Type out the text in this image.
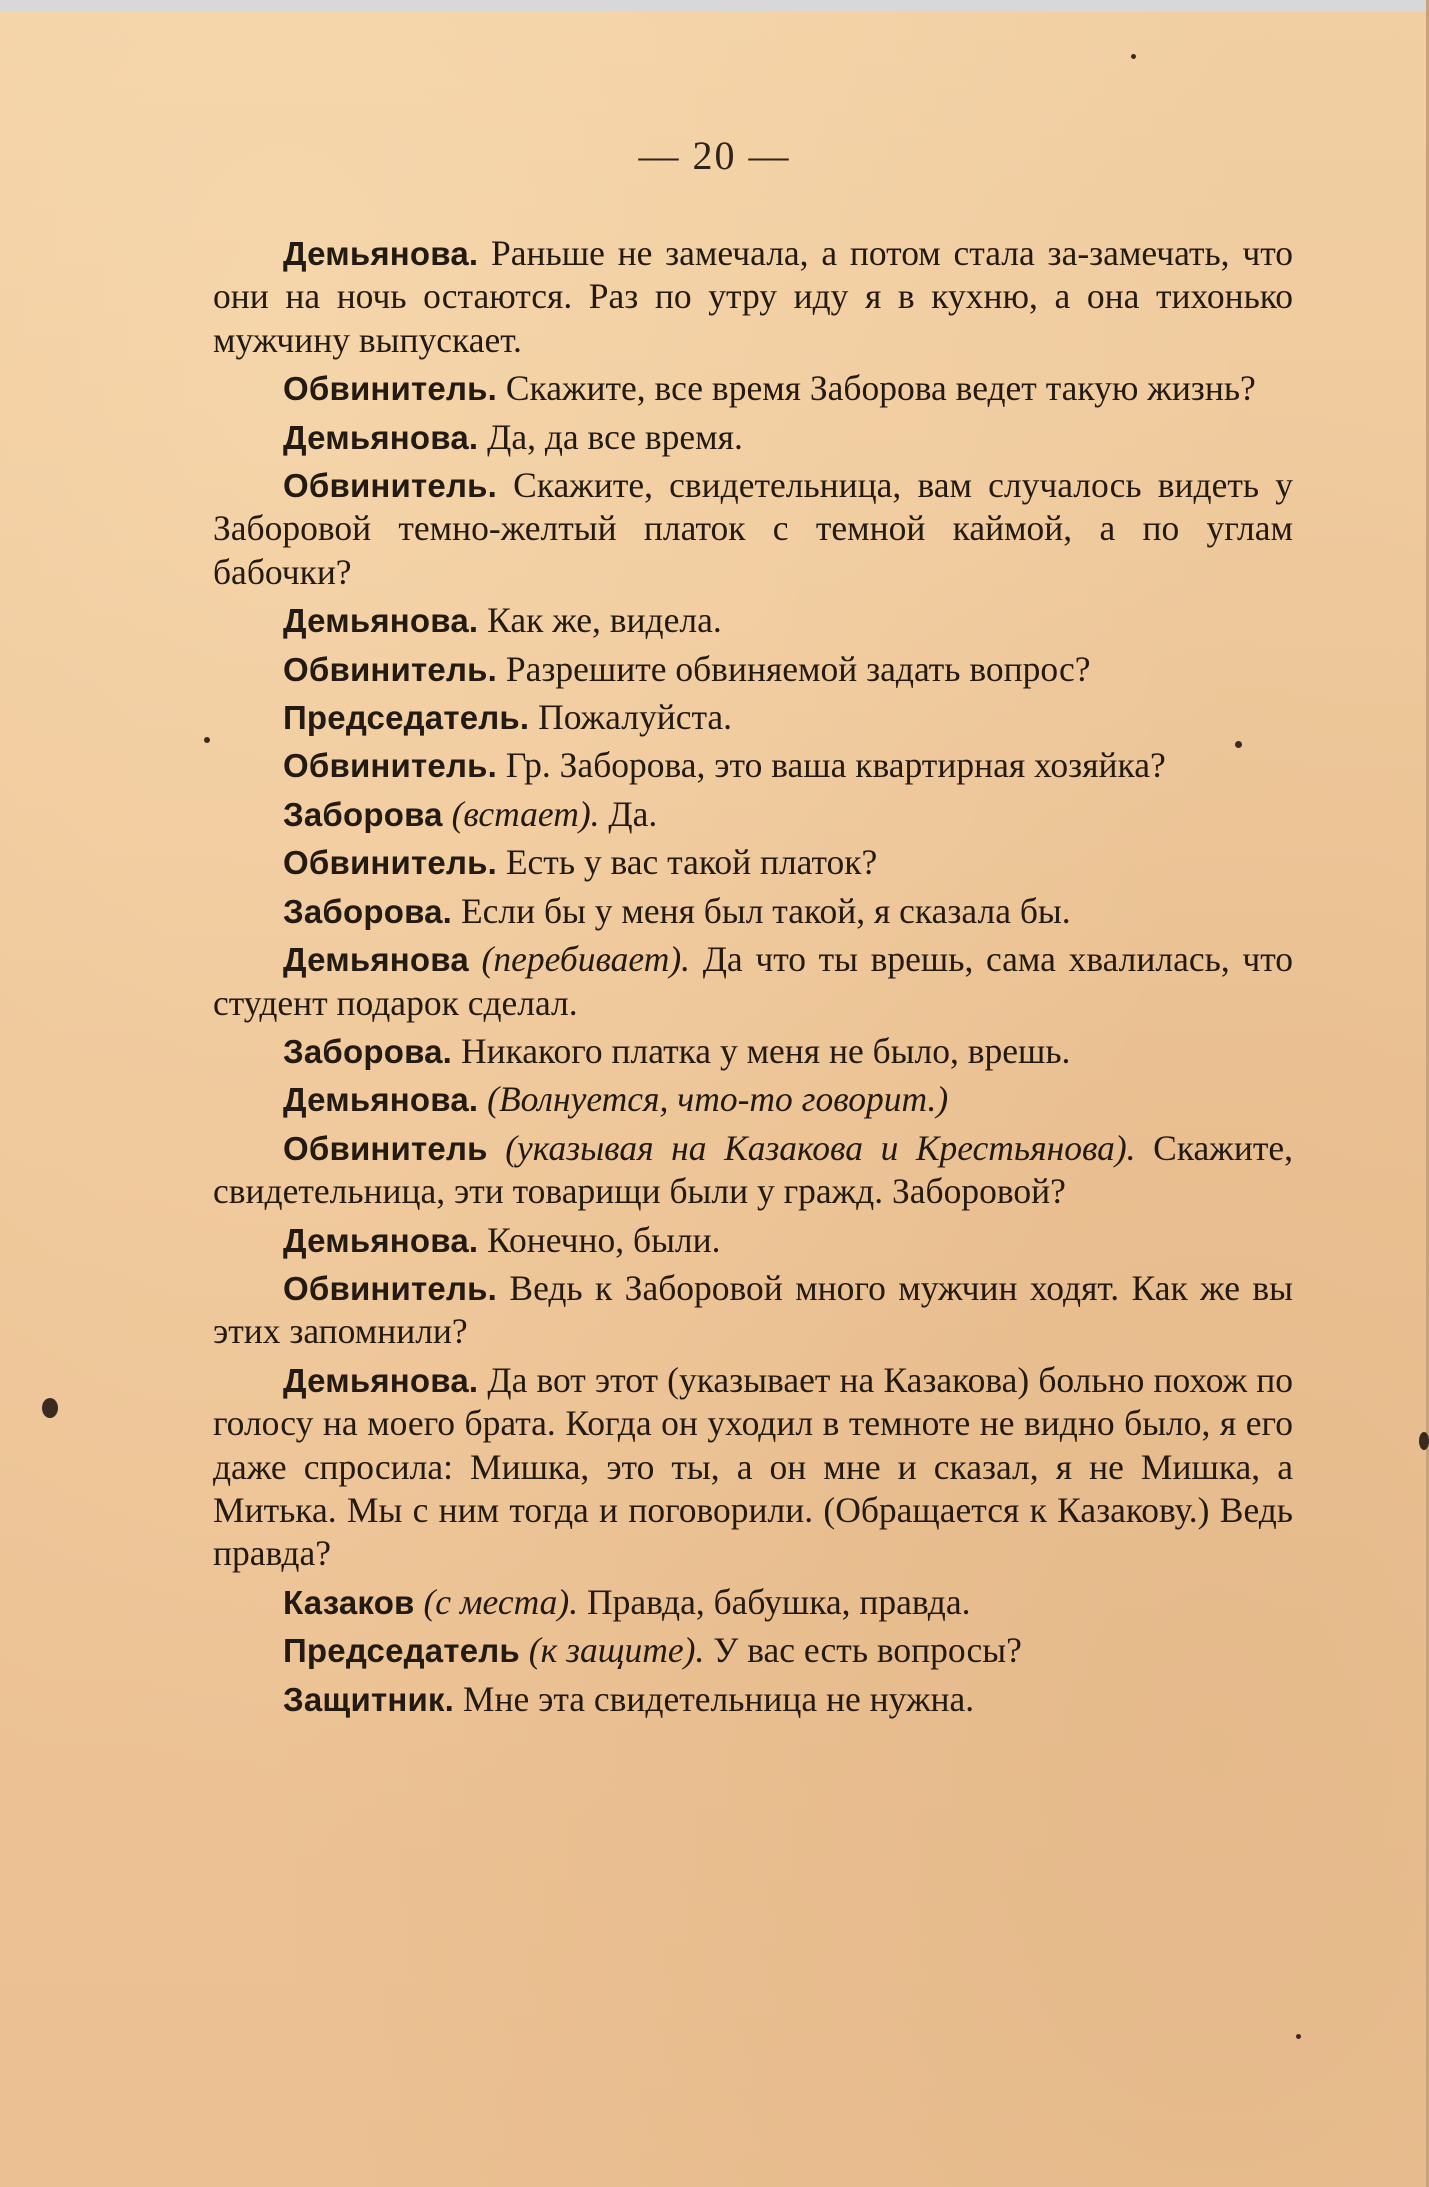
— 20 —

Демьянова. Раньше не замечала, а потом стала за-замечать, что они на ночь остаются. Раз по утру иду я в кухню, а она тихонько мужчину выпускает.

Обвинитель. Скажите, все время Заборова ведет такую жизнь?

Демьянова. Да, да все время.

Обвинитель. Скажите, свидетельница, вам случалось видеть у Заборовой темно-желтый платок с темной каймой, а по углам бабочки?

Демьянова. Как же, видела.

Обвинитель. Разрешите обвиняемой задать вопрос?

Председатель. Пожалуйста.

Обвинитель. Гр. Заборова, это ваша квартирная хозяйка?

Заборова (встает). Да.

Обвинитель. Есть у вас такой платок?

Заборова. Если бы у меня был такой, я сказала бы.

Демьянова (перебивает). Да что ты врешь, сама хвалилась, что студент подарок сделал.

Заборова. Никакого платка у меня не было, врешь.

Демьянова. (Волнуется, что-то говорит.)

Обвинитель (указывая на Казакова и Крестьянова). Скажите, свидетельница, эти товарищи были у гражд. Заборовой?

Демьянова. Конечно, были.

Обвинитель. Ведь к Заборовой много мужчин ходят. Как же вы этих запомнили?

Демьянова. Да вот этот (указывает на Казакова) больно похож по голосу на моего брата. Когда он уходил в темноте не видно было, я его даже спросила: Мишка, это ты, а он мне и сказал, я не Мишка, а Митька. Мы с ним тогда и поговорили. (Обращается к Казакову.) Ведь правда?

Казаков (с места). Правда, бабушка, правда.

Председатель (к защите). У вас есть вопросы?

Защитник. Мне эта свидетельница не нужна.
